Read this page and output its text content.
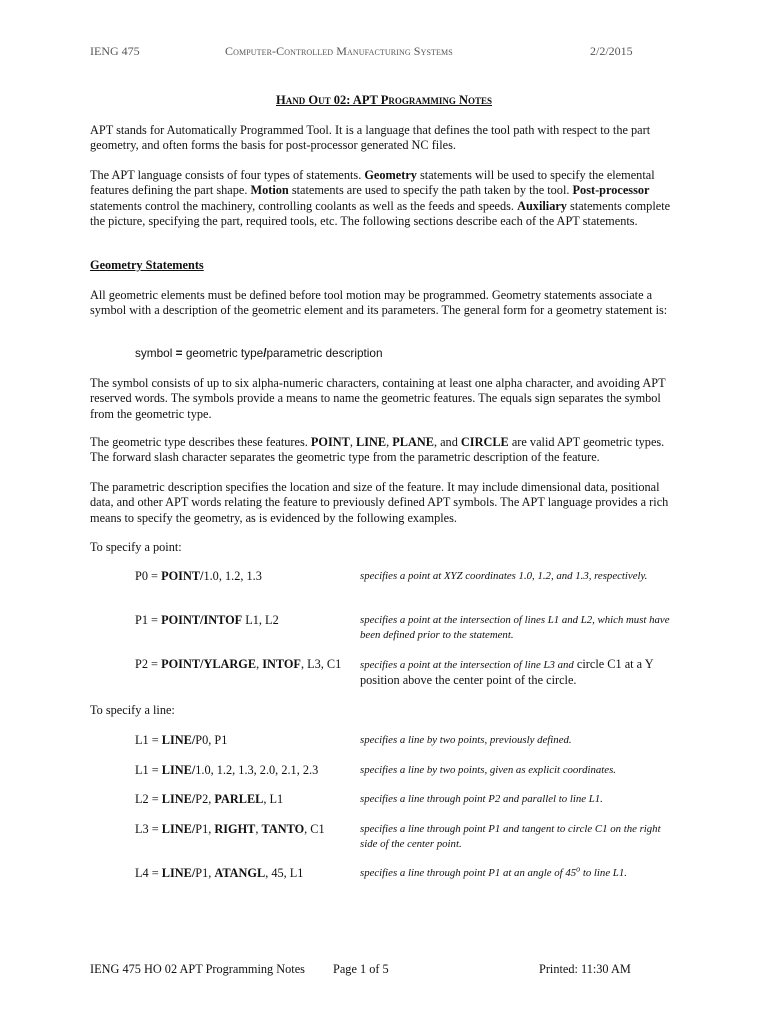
IENG 475	Computer-Controlled Manufacturing Systems	2/2/2015
Hand Out 02: APT Programming Notes

APT stands for Automatically Programmed Tool. It is a language that defines the tool path with respect to the part geometry, and often forms the basis for post-processor generated NC files.

The APT language consists of four types of statements. Geometry statements will be used to specify the elemental features defining the part shape. Motion statements are used to specify the path taken by the tool. Post-processor statements control the machinery, controlling coolants as well as the feeds and speeds. Auxiliary statements complete the picture, specifying the part, required tools, etc. The following sections describe each of the APT statements.

Geometry Statements

All geometric elements must be defined before tool motion may be programmed. Geometry statements associate a symbol with a description of the geometric element and its parameters. The general form for a geometry statement is:

symbol = geometric type/parametric description

The symbol consists of up to six alpha-numeric characters, containing at least one alpha character, and avoiding APT reserved words. The symbols provide a means to name the geometric features. The equals sign separates the symbol from the geometric type.

The geometric type describes these features. POINT, LINE, PLANE, and CIRCLE are valid APT geometric types. The forward slash character separates the geometric type from the parametric description of the feature.

The parametric description specifies the location and size of the feature. It may include dimensional data, positional data, and other APT words relating the feature to previously defined APT symbols. The APT language provides a rich means to specify the geometry, as is evidenced by the following examples.

To specify a point:
P0 = POINT/1.0, 1.2, 1.3	specifies a point at XYZ coordinates 1.0, 1.2, and 1.3, respectively.
P1 = POINT/INTOF L1, L2	specifies a point at the intersection of lines L1 and L2, which must have been defined prior to the statement.
P2 = POINT/YLARGE, INTOF, L3, C1 specifies a point at the intersection of line L3 and circle C1 at a Y position above the center point of the circle.
To specify a line:
L1 = LINE/P0, P1	specifies a line by two points, previously defined.
L1 = LINE/1.0, 1.2, 1.3, 2.0, 2.1, 2.3	specifies a line by two points, given as explicit coordinates.
L2 = LINE/P2, PARLEL, L1	specifies a line through point P2 and parallel to line L1.
L3 = LINE/P1, RIGHT, TANTO, C1	specifies a line through point P1 and tangent to circle C1 on the right side of the center point.
L4 = LINE/P1, ATANGL, 45, L1	specifies a line through point P1 at an angle of 45$^o$ to line L1.
IENG 475 HO 02 APT Programming Notes Page 1 of 5	Printed: 11:30 AM
